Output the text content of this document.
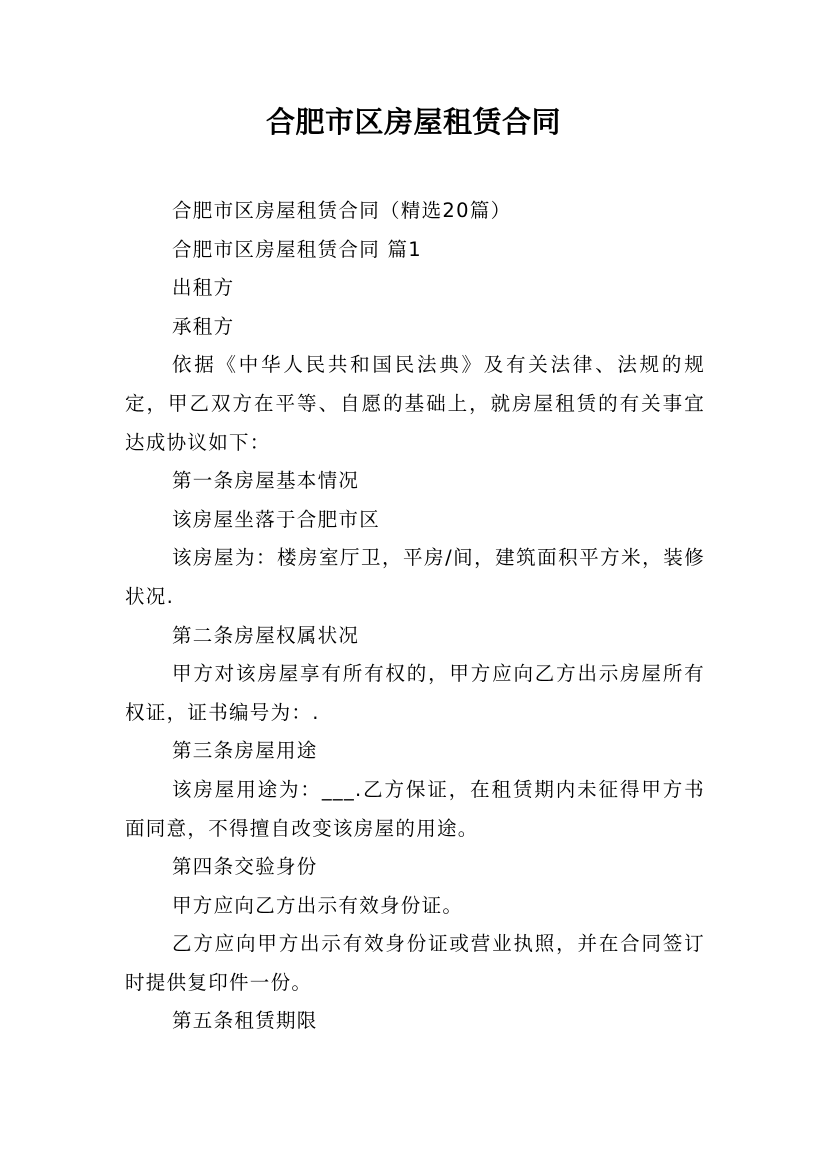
合肥市区房屋租赁合同

合肥市区房屋租赁合同（精选20篇）

合肥市区房屋租赁合同 篇1

出租方

承租方

依据《中华人民共和国民法典》及有关法律、法规的规定，甲乙双方在平等、自愿的基础上，就房屋租赁的有关事宜达成协议如下：

第一条房屋基本情况

该房屋坐落于合肥市区

该房屋为：楼房室厅卫，平房/间，建筑面积平方米，装修状况.

第二条房屋权属状况

甲方对该房屋享有所有权的，甲方应向乙方出示房屋所有权证，证书编号为：.

第三条房屋用途

该房屋用途为：___.乙方保证，在租赁期内未征得甲方书面同意，不得擅自改变该房屋的用途。

第四条交验身份

甲方应向乙方出示有效身份证。

乙方应向甲方出示有效身份证或营业执照，并在合同签订时提供复印件一份。

第五条租赁期限
